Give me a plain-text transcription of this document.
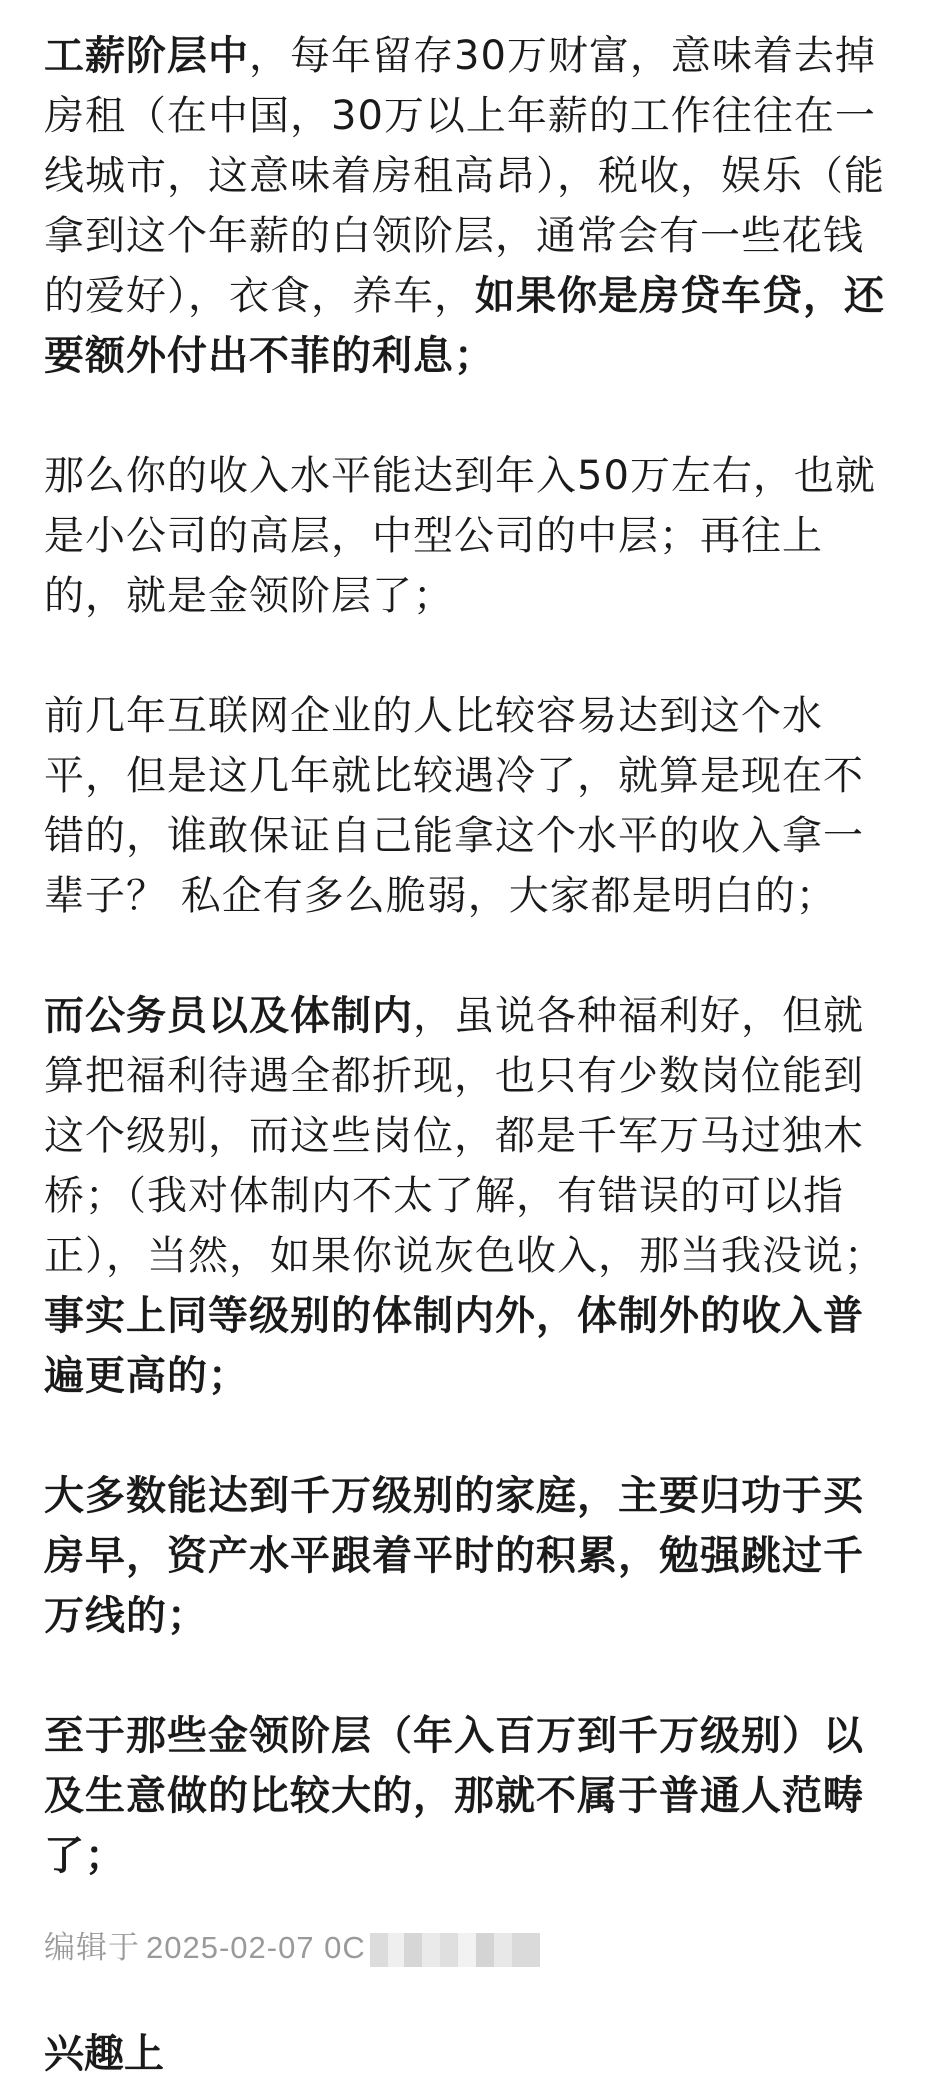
工薪阶层中，每年留存30万财富，意味着去掉房租（在中国，30万以上年薪的工作往往在一线城市，这意味着房租高昂），税收，娱乐（能拿到这个年薪的白领阶层，通常会有一些花钱的爱好），衣食，养车，如果你是房贷车贷，还要额外付出不菲的利息；

那么你的收入水平能达到年入50万左右，也就是小公司的高层，中型公司的中层；再往上的，就是金领阶层了；

前几年互联网企业的人比较容易达到这个水平，但是这几年就比较遇冷了，就算是现在不错的，谁敢保证自己能拿这个水平的收入拿一辈子？ 私企有多么脆弱，大家都是明白的；

而公务员以及体制内，虽说各种福利好，但就算把福利待遇全都折现，也只有少数岗位能到这个级别，而这些岗位，都是千军万马过独木桥；（我对体制内不太了解，有错误的可以指正），当然，如果你说灰色收入，那当我没说；事实上同等级别的体制内外，体制外的收入普遍更高的；

大多数能达到千万级别的家庭，主要归功于买房早，资产水平跟着平时的积累，勉强跳过千万线的；

至于那些金领阶层（年入百万到千万级别）以及生意做的比较大的，那就不属于普通人范畴了；

编辑于 2025-02-07 0C
兴趣上
